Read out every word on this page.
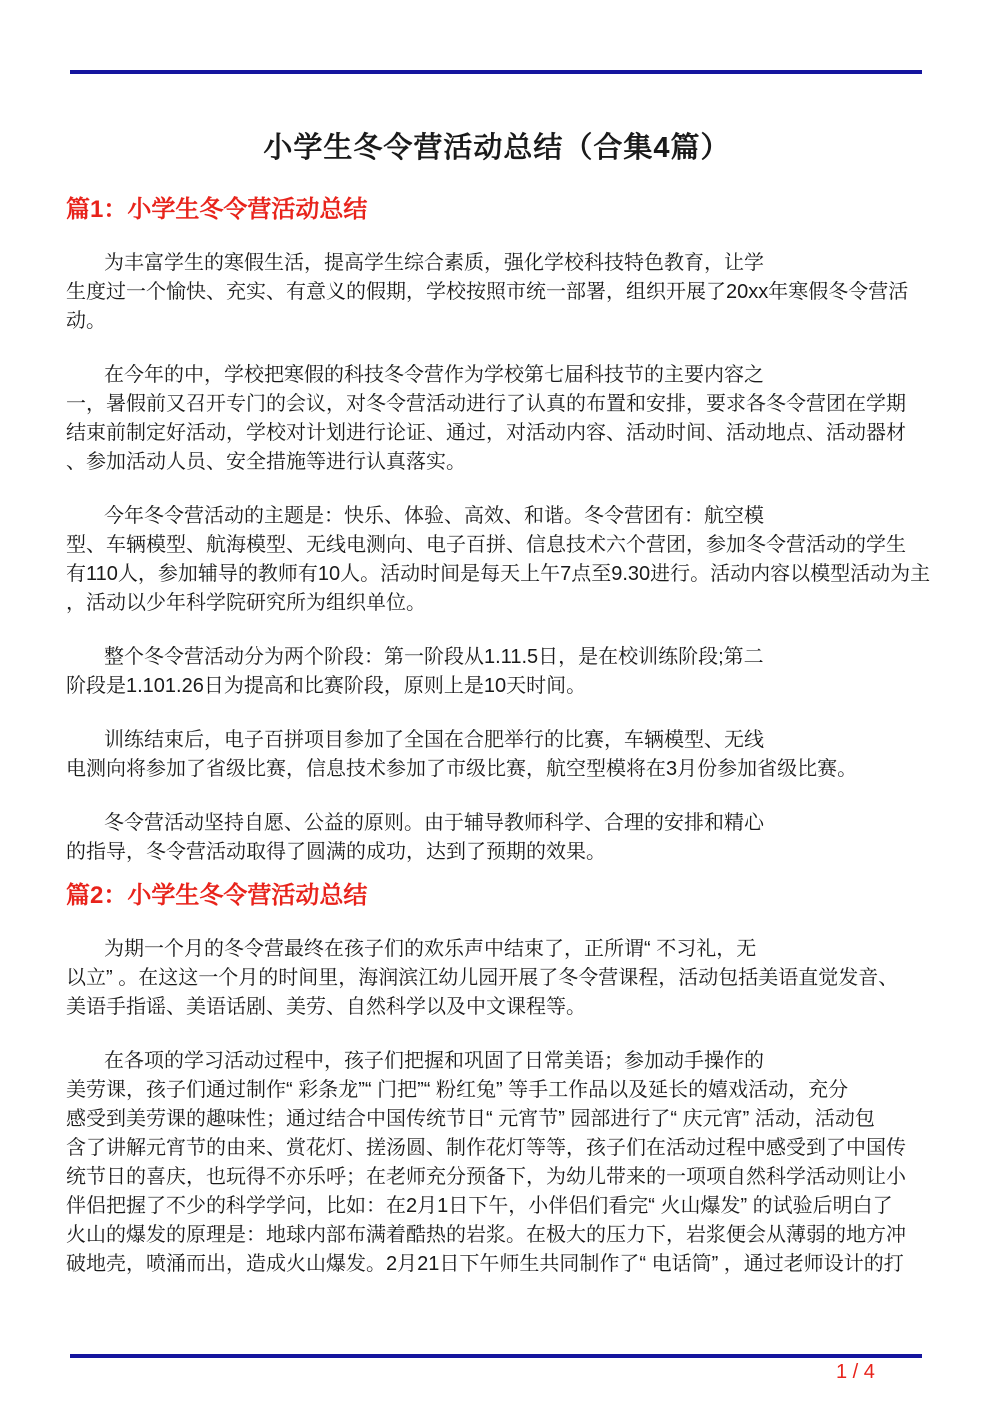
小学生冬令营活动总结（合集4篇）
篇1：小学生冬令营活动总结
为丰富学生的寒假生活，提高学生综合素质，强化学校科技特色教育，让学
生度过一个愉快、充实、有意义的假期，学校按照市统一部署，组织开展了20xx年寒假冬令营活
动。
在今年的中，学校把寒假的科技冬令营作为学校第七届科技节的主要内容之
一，暑假前又召开专门的会议，对冬令营活动进行了认真的布置和安排，要求各冬令营团在学期
结束前制定好活动，学校对计划进行论证、通过，对活动内容、活动时间、活动地点、活动器材
、参加活动人员、安全措施等进行认真落实。
今年冬令营活动的主题是：快乐、体验、高效、和谐。冬令营团有：航空模
型、车辆模型、航海模型、无线电测向、电子百拼、信息技术六个营团，参加冬令营活动的学生
有110人，参加辅导的教师有10人。活动时间是每天上午7点至9.30进行。活动内容以模型活动为主
，活动以少年科学院研究所为组织单位。
整个冬令营活动分为两个阶段：第一阶段从1.11.5日，是在校训练阶段;第二
阶段是1.101.26日为提高和比赛阶段，原则上是10天时间。
训练结束后，电子百拼项目参加了全国在合肥举行的比赛，车辆模型、无线
电测向将参加了省级比赛，信息技术参加了市级比赛，航空型模将在3月份参加省级比赛。
冬令营活动坚持自愿、公益的原则。由于辅导教师科学、合理的安排和精心
的指导，冬令营活动取得了圆满的成功，达到了预期的效果。
篇2：小学生冬令营活动总结
为期一个月的冬令营最终在孩子们的欢乐声中结束了，正所谓“ 不习礼，无
以立” 。在这这一个月的时间里，海润滨江幼儿园开展了冬令营课程，活动包括美语直觉发音、
美语手指谣、美语话剧、美劳、自然科学以及中文课程等。
在各项的学习活动过程中，孩子们把握和巩固了日常美语；参加动手操作的
美劳课，孩子们通过制作“ 彩条龙”“ 门把”“ 粉红兔” 等手工作品以及延长的嬉戏活动，充分
感受到美劳课的趣味性；通过结合中国传统节日“ 元宵节” 园部进行了“ 庆元宵” 活动，活动包
含了讲解元宵节的由来、赏花灯、搓汤圆、制作花灯等等，孩子们在活动过程中感受到了中国传
统节日的喜庆，也玩得不亦乐呼；在老师充分预备下，为幼儿带来的一项项自然科学活动则让小
伴侣把握了不少的科学学问，比如：在2月1日下午，小伴侣们看完“ 火山爆发” 的试验后明白了
火山的爆发的原理是：地球内部布满着酷热的岩浆。在极大的压力下，岩浆便会从薄弱的地方冲
破地壳，喷涌而出，造成火山爆发。2月21日下午师生共同制作了“ 电话筒” ，通过老师设计的打
1 / 4
